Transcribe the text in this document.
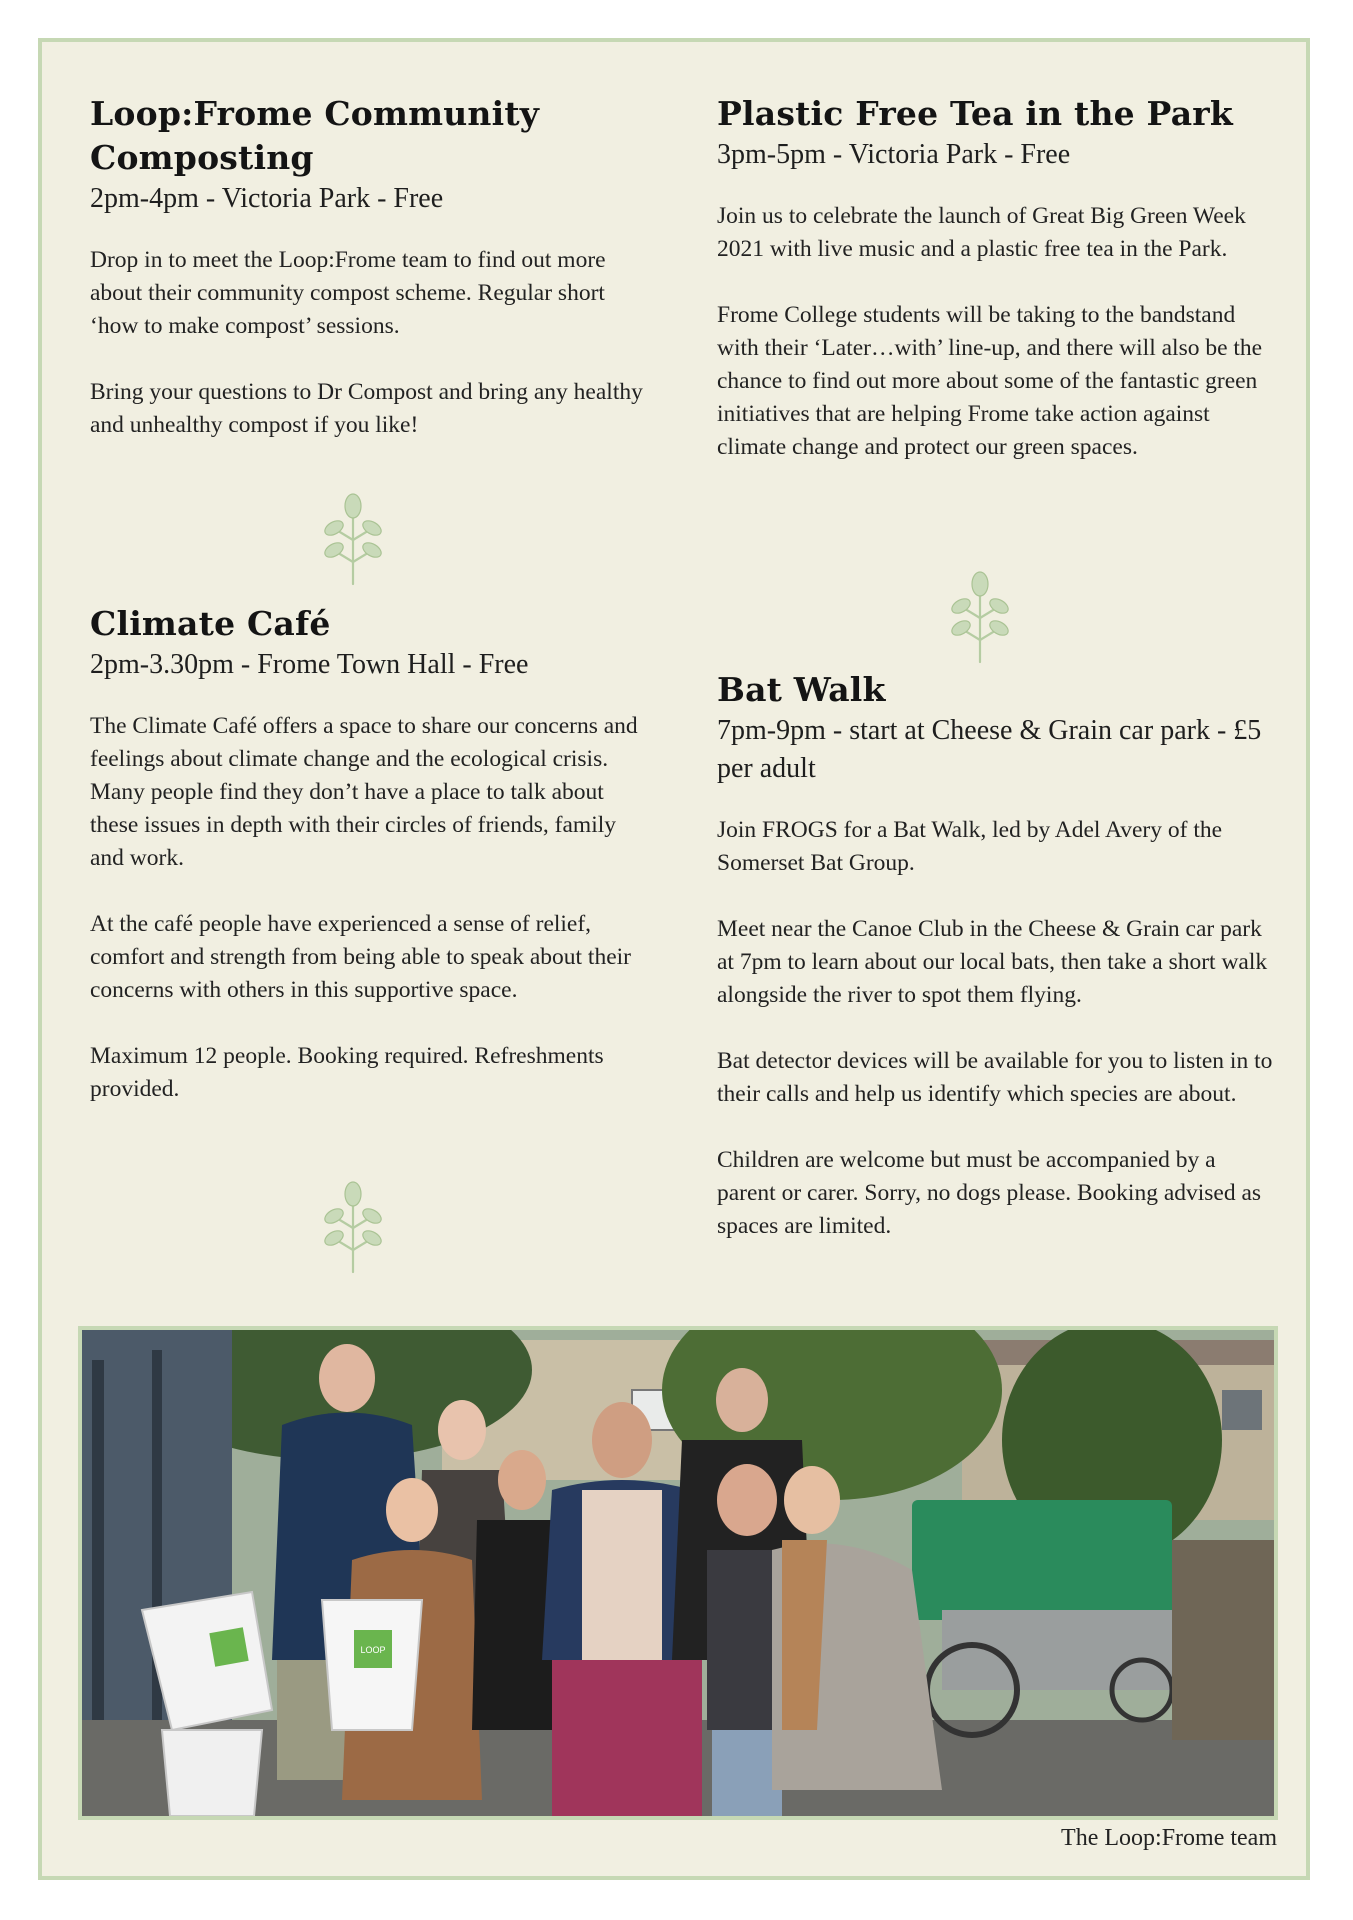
Loop:Frome Community Composting
2pm-4pm - Victoria Park - Free

Drop in to meet the Loop:Frome team to find out more about their community compost scheme. Regular short ‘how to make compost’ sessions.

Bring your questions to Dr Compost and bring any healthy and unhealthy compost if you like!

Climate Café
2pm-3.30pm - Frome Town Hall - Free

The Climate Café offers a space to share our concerns and feelings about climate change and the ecological crisis. Many people find they don’t have a place to talk about these issues in depth with their circles of friends, family and work.

At the café people have experienced a sense of relief, comfort and strength from being able to speak about their concerns with others in this supportive space.

Maximum 12 people. Booking required. Refreshments provided.

Plastic Free Tea in the Park
3pm-5pm - Victoria Park - Free

Join us to celebrate the launch of Great Big Green Week 2021 with live music and a plastic free tea in the Park.

Frome College students will be taking to the bandstand with their ‘Later…with’ line-up, and there will also be the chance to find out more about some of the fantastic green initiatives that are helping Frome take action against climate change and protect our green spaces.

Bat Walk
7pm-9pm - start at Cheese & Grain car park - £5 per adult

Join FROGS for a Bat Walk, led by Adel Avery of the Somerset Bat Group.

Meet near the Canoe Club in the Cheese & Grain car park at 7pm to learn about our local bats, then take a short walk alongside the river to spot them flying.

Bat detector devices will be available for you to listen in to their calls and help us identify which species are about.

Children are welcome but must be accompanied by a parent or carer. Sorry, no dogs please. Booking advised as spaces are limited.

LOOP
The Loop:Frome team
